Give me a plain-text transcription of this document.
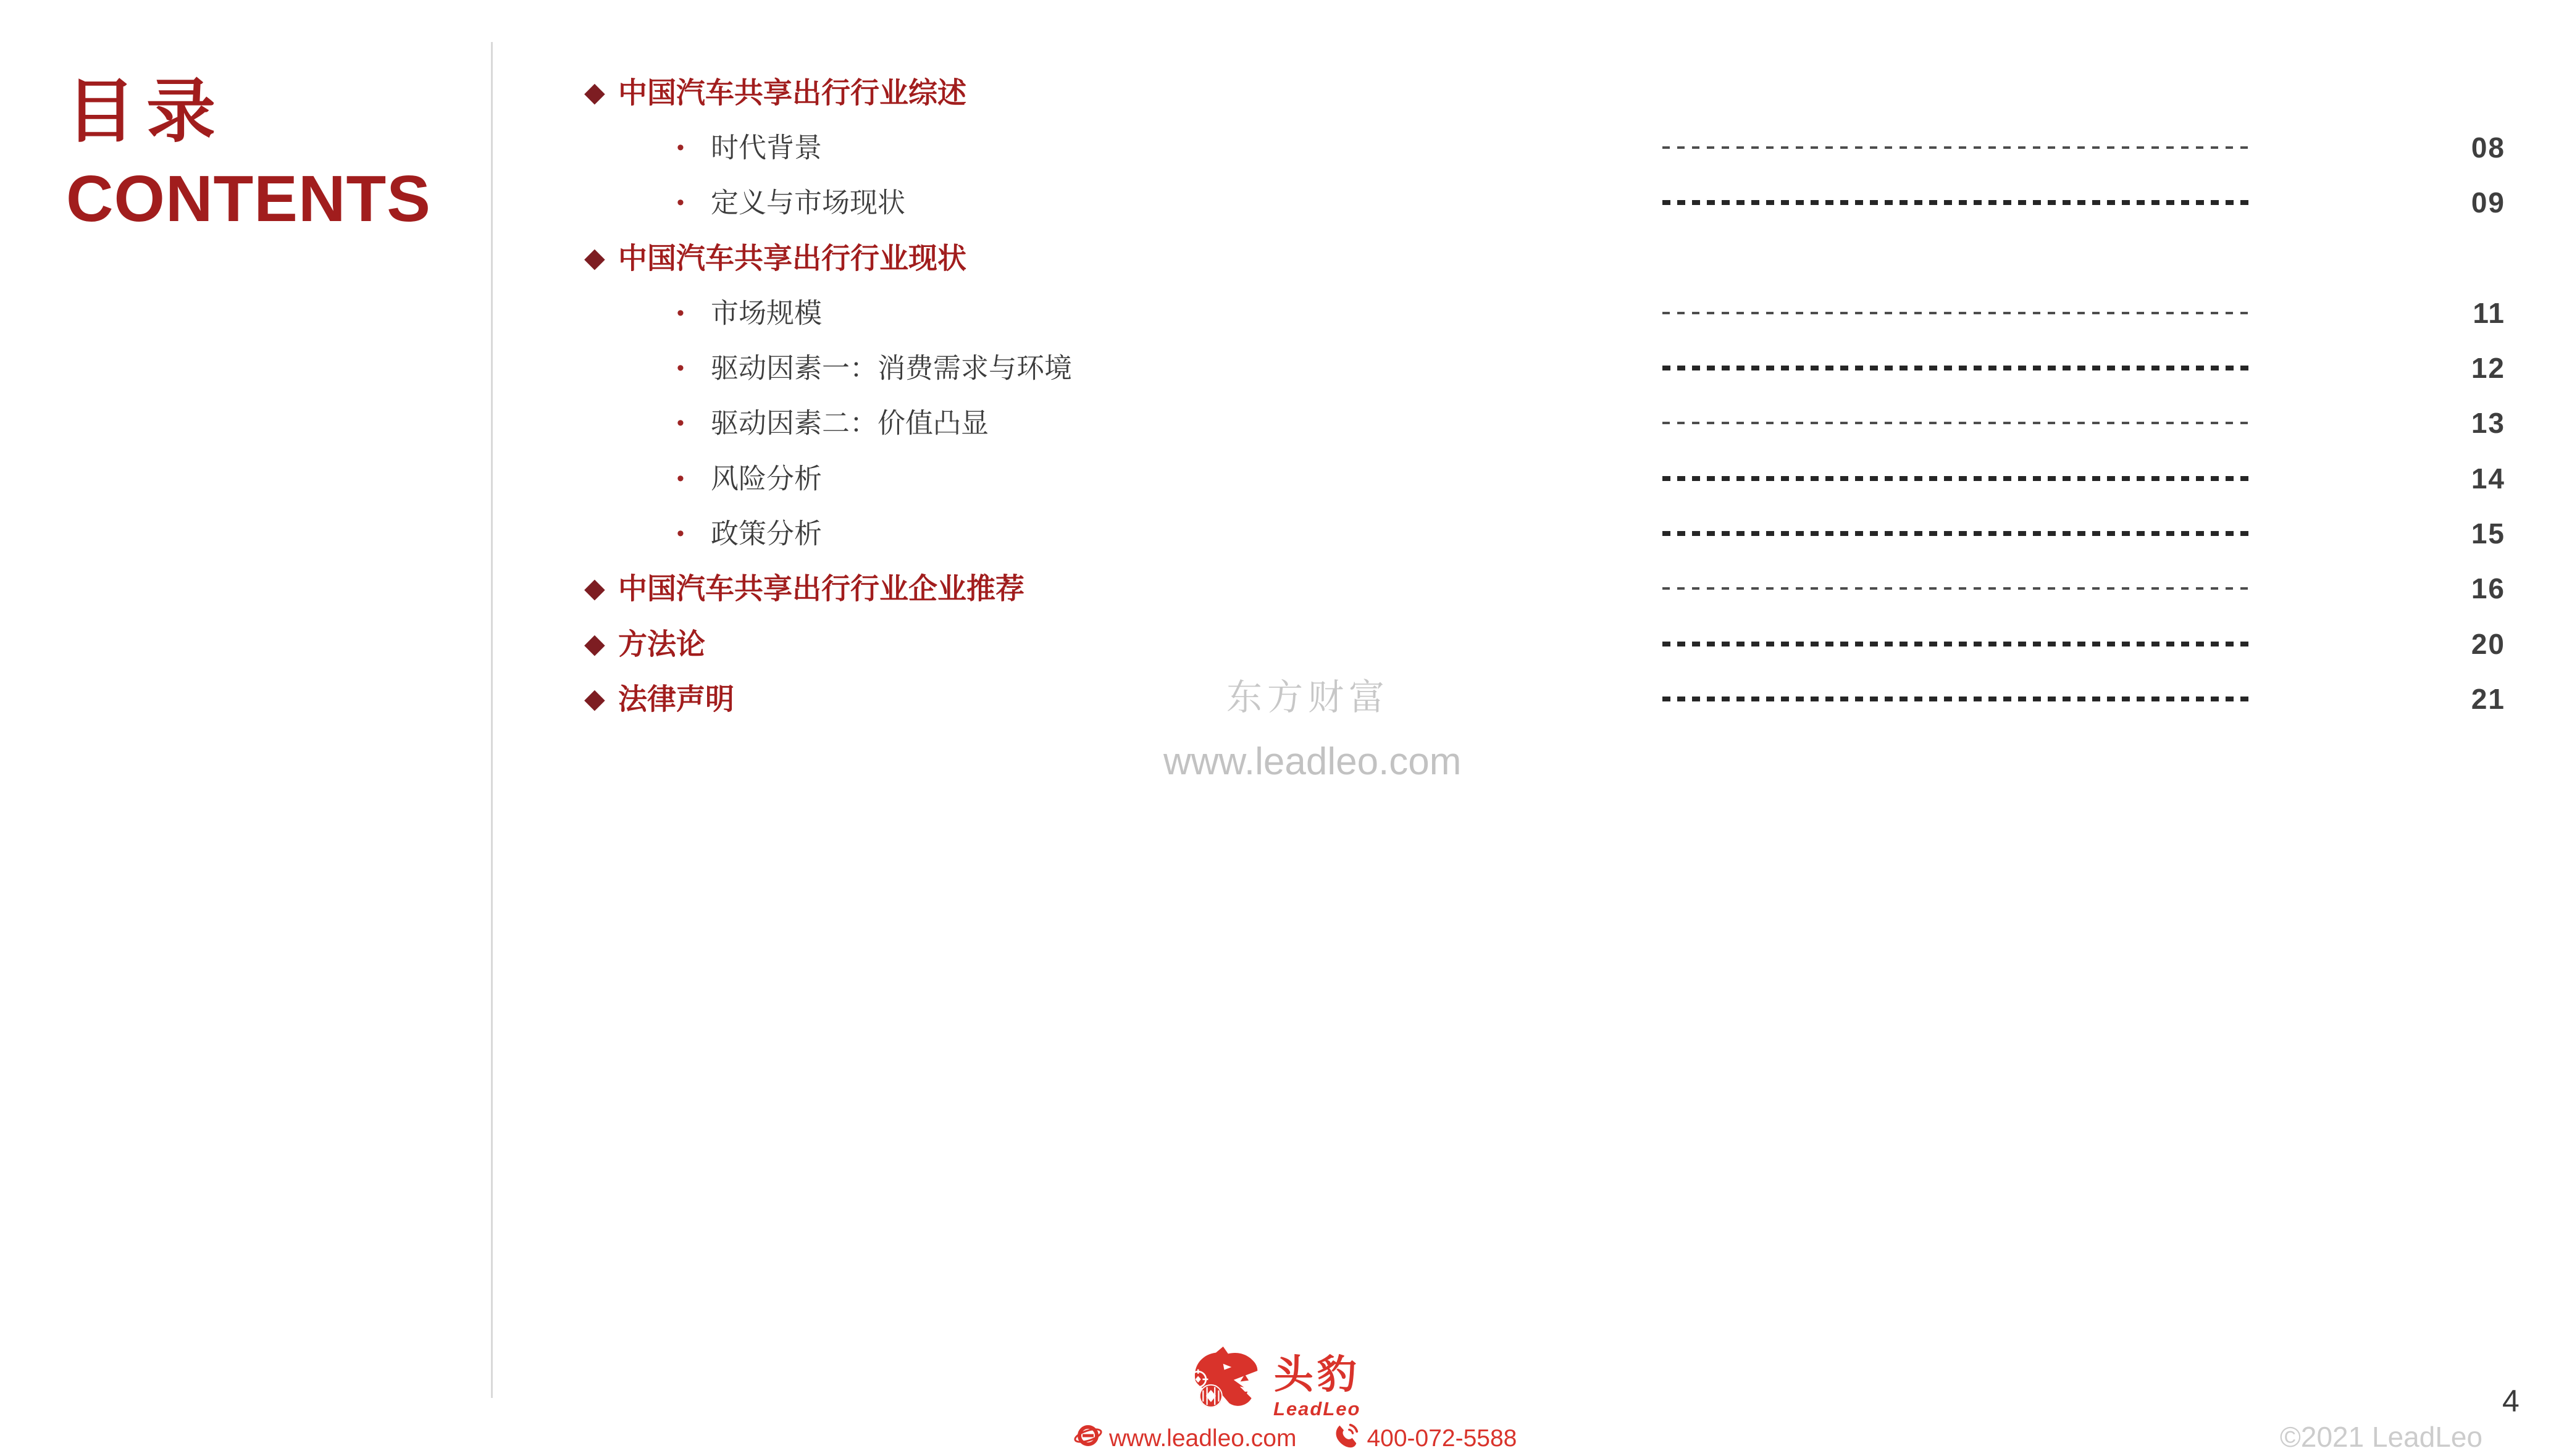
目录
CONTENTS
◆ 中国汽车共享出行行业综述
• 时代背景	08
• 定义与市场现状	09
◆ 中国汽车共享出行行业现状
• 市场规模	11
• 驱动因素一：消费需求与环境	12
• 驱动因素二：价值凸显	13
• 风险分析	14
• 政策分析	15
◆ 中国汽车共享出行行业企业推荐	16
◆ 方法论	20
◆ 法律声明	21
东方财富
www.leadleo.com
头豹
LeadLeo
www.leadleo.com	400-072-5588	©2021 LeadLeo
4
